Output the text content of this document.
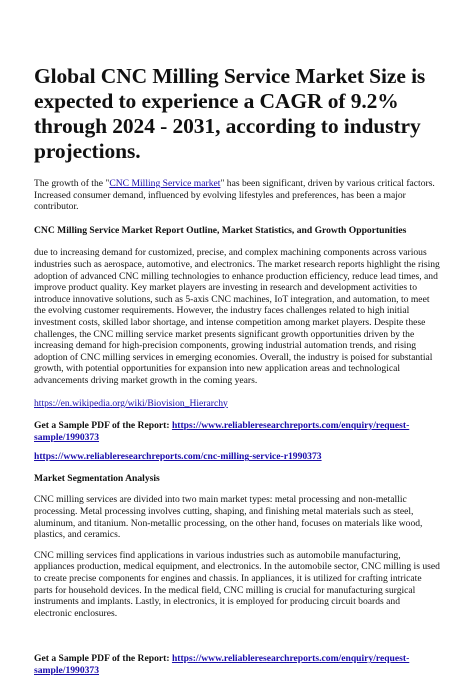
Global CNC Milling Service Market Size is expected to experience a CAGR of 9.2% through 2024 - 2031, according to industry projections.

The growth of the "CNC Milling Service market" has been significant, driven by various critical factors. Increased consumer demand, influenced by evolving lifestyles and preferences, has been a major contributor.

CNC Milling Service Market Report Outline, Market Statistics, and Growth Opportunities

due to increasing demand for customized, precise, and complex machining components across various industries such as aerospace, automotive, and electronics. The market research reports highlight the rising adoption of advanced CNC milling technologies to enhance production efficiency, reduce lead times, and improve product quality. Key market players are investing in research and development activities to introduce innovative solutions, such as 5-axis CNC machines, IoT integration, and automation, to meet the evolving customer requirements. However, the industry faces challenges related to high initial investment costs, skilled labor shortage, and intense competition among market players. Despite these challenges, the CNC milling service market presents significant growth opportunities driven by the increasing demand for high-precision components, growing industrial automation trends, and rising adoption of CNC milling services in emerging economies. Overall, the industry is poised for substantial growth, with potential opportunities for expansion into new application areas and technological advancements driving market growth in the coming years.

https://en.wikipedia.org/wiki/Biovision_Hierarchy

Get a Sample PDF of the Report: https://www.reliableresearchreports.com/enquiry/request-sample/1990373

https://www.reliableresearchreports.com/cnc-milling-service-r1990373

Market Segmentation Analysis

CNC milling services are divided into two main market types: metal processing and non-metallic processing. Metal processing involves cutting, shaping, and finishing metal materials such as steel, aluminum, and titanium. Non-metallic processing, on the other hand, focuses on materials like wood, plastics, and ceramics.

CNC milling services find applications in various industries such as automobile manufacturing, appliances production, medical equipment, and electronics. In the automobile sector, CNC milling is used to create precise components for engines and chassis. In appliances, it is utilized for crafting intricate parts for household devices. In the medical field, CNC milling is crucial for manufacturing surgical instruments and implants. Lastly, in electronics, it is employed for producing circuit boards and electronic enclosures.

Get a Sample PDF of the Report: https://www.reliableresearchreports.com/enquiry/request-sample/1990373
